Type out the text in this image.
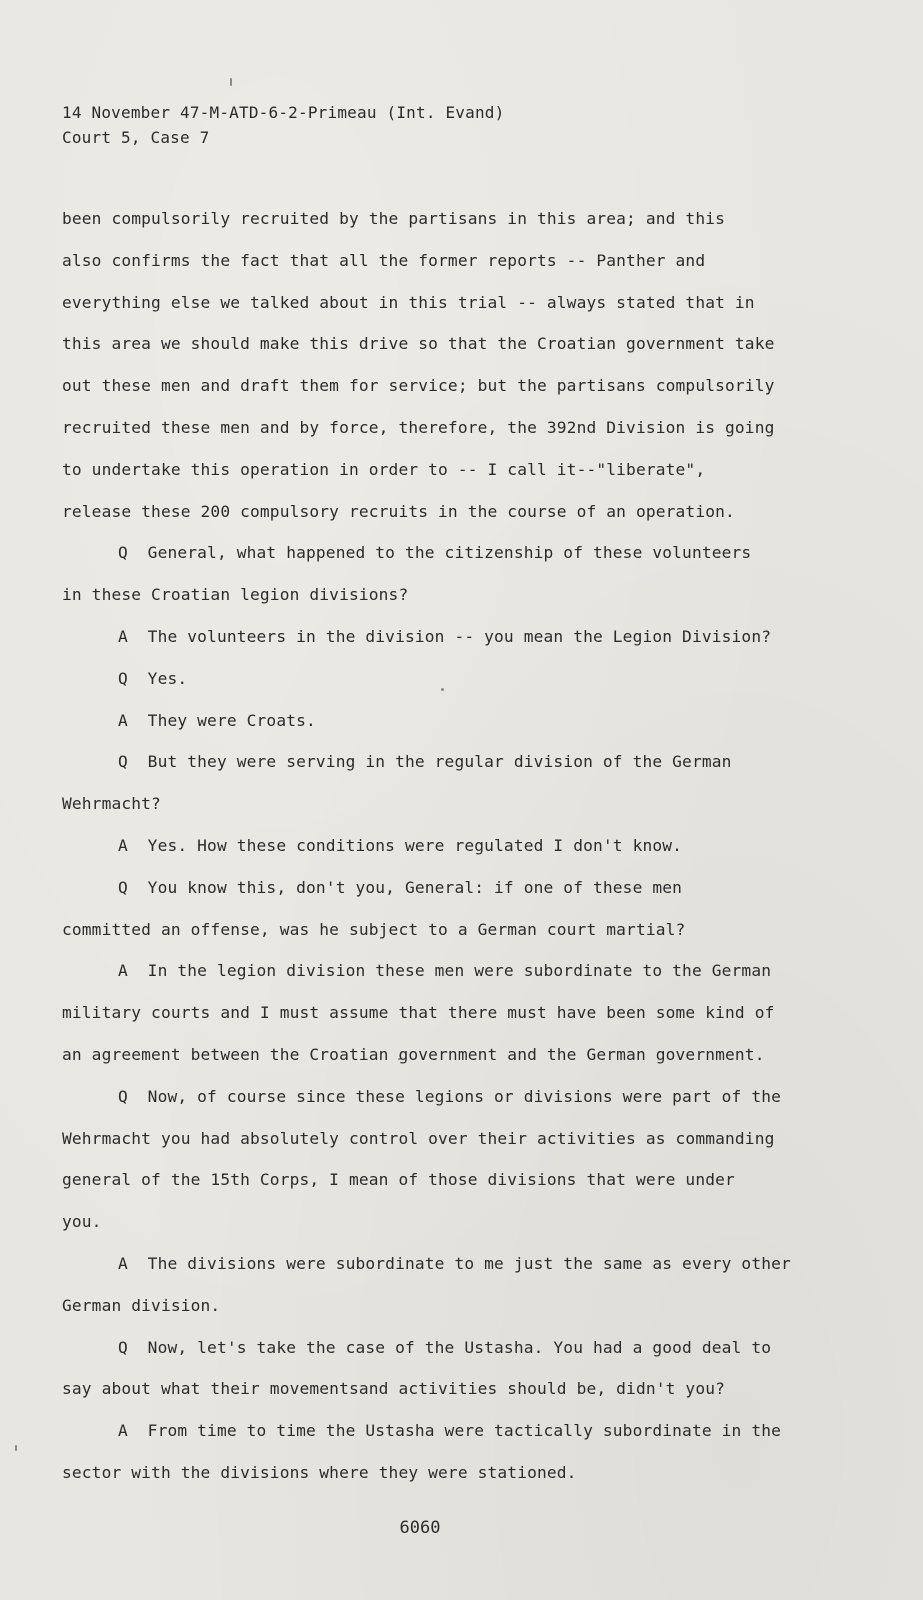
14 November 47-M-ATD-6-2-Primeau (Int. Evand)
Court 5, Case 7
been compulsorily recruited by the partisans in this area; and this
also confirms the fact that all the former reports -- Panther and
everything else we talked about in this trial -- always stated that in
this area we should make this drive so that the Croatian government take
out these men and draft them for service; but the partisans compulsorily
recruited these men and by force, therefore, the 392nd Division is going
to undertake this operation in order to -- I call it--"liberate",
release these 200 compulsory recruits in the course of an operation.
Q  General, what happened to the citizenship of these volunteers
in these Croatian legion divisions?
A  The volunteers in the division -- you mean the Legion Division?
Q  Yes.
A  They were Croats.
Q  But they were serving in the regular division of the German
Wehrmacht?
A  Yes. How these conditions were regulated I don't know.
Q  You know this, don't you, General: if one of these men
committed an offense, was he subject to a German court martial?
A  In the legion division these men were subordinate to the German
military courts and I must assume that there must have been some kind of
an agreement between the Croatian government and the German government.
Q  Now, of course since these legions or divisions were part of the
Wehrmacht you had absolutely control over their activities as commanding
general of the 15th Corps, I mean of those divisions that were under
you.
A  The divisions were subordinate to me just the same as every other
German division.
Q  Now, let's take the case of the Ustasha. You had a good deal to
say about what their movementsand activities should be, didn't you?
A  From time to time the Ustasha were tactically subordinate in the
sector with the divisions where they were stationed.
6060
